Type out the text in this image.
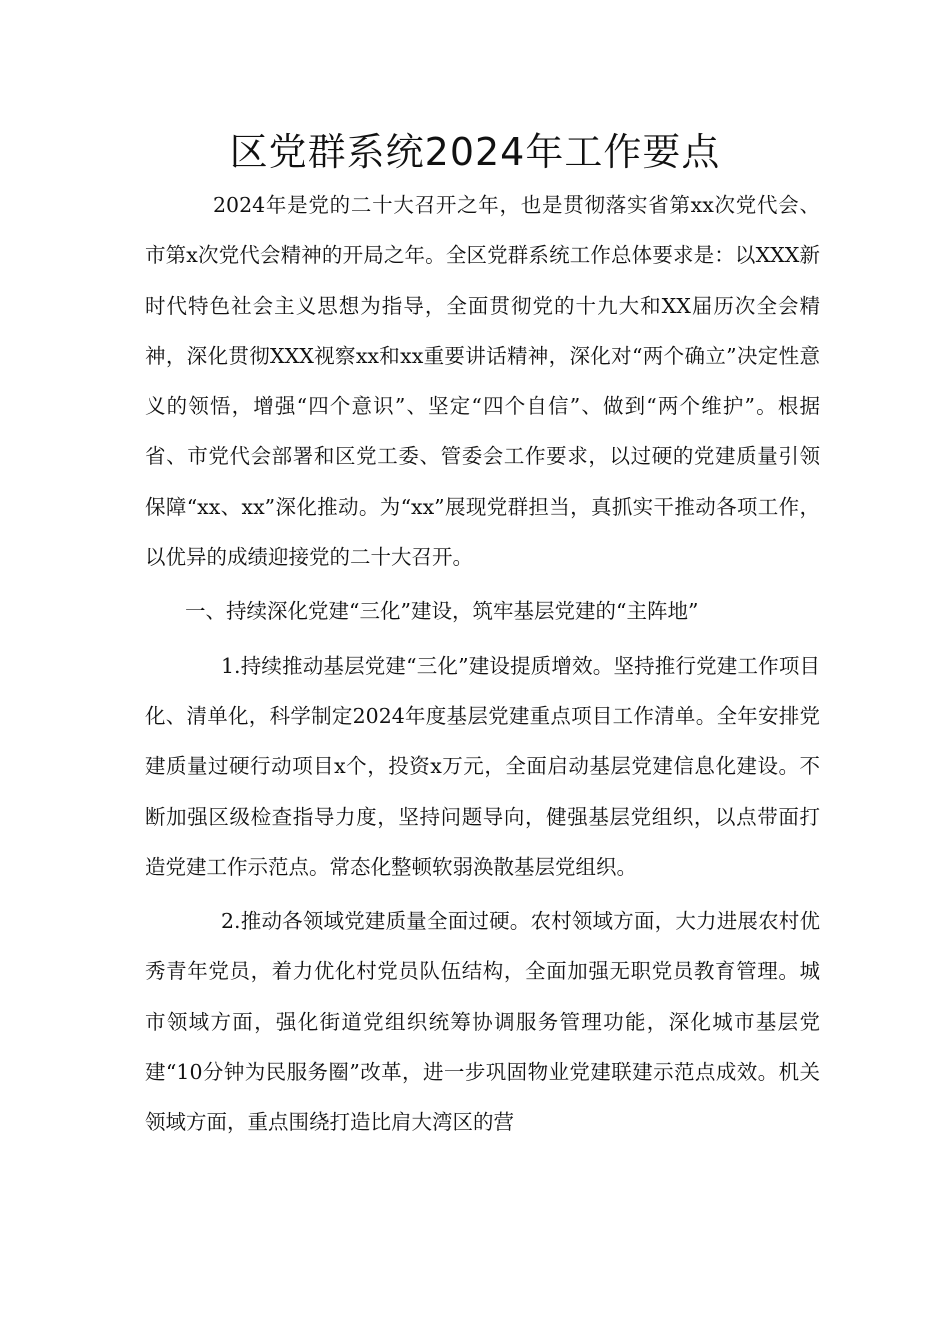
区党群系统2024年工作要点

2024年是党的二十大召开之年，也是贯彻落实省第xx次党代会、市第x次党代会精神的开局之年。全区党群系统工作总体要求是：以XXX新时代特色社会主义思想为指导，全面贯彻党的十九大和XX届历次全会精神，深化贯彻XXX视察xx和xx重要讲话精神，深化对“两个确立”决定性意义的领悟，增强“四个意识”、坚定“四个自信”、做到“两个维护”。根据省、市党代会部署和区党工委、管委会工作要求，以过硬的党建质量引领保障“xx、xx”深化推动。为“xx”展现党群担当，真抓实干推动各项工作，以优异的成绩迎接党的二十大召开。

一、持续深化党建“三化”建设，筑牢基层党建的“主阵地”

1.持续推动基层党建“三化”建设提质增效。坚持推行党建工作项目化、清单化，科学制定2024年度基层党建重点项目工作清单。全年安排党建质量过硬行动项目x个，投资x万元，全面启动基层党建信息化建设。不断加强区级检查指导力度，坚持问题导向，健强基层党组织，以点带面打造党建工作示范点。常态化整顿软弱涣散基层党组织。

2.推动各领域党建质量全面过硬。农村领域方面，大力进展农村优秀青年党员，着力优化村党员队伍结构，全面加强无职党员教育管理。城市领域方面，强化街道党组织统筹协调服务管理功能，深化城市基层党建“10分钟为民服务圈”改革，进一步巩固物业党建联建示范点成效。机关领域方面，重点围绕打造比肩大湾区的营
